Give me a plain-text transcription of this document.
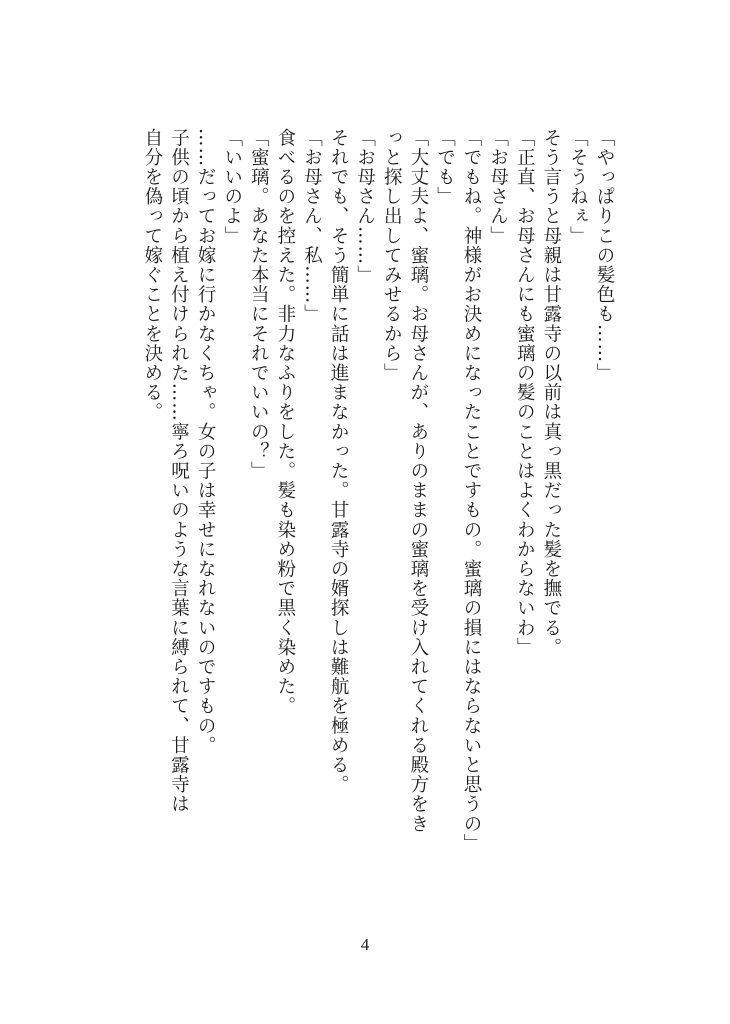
「やっぱりこの髪色も……」
「そうねぇ」
そう言うと母親は甘露寺の以前は真っ黒だった髪を撫でる。
「正直、お母さんにも蜜璃の髪のことはよくわからないわ」
「お母さん」
「でもね。神様がお決めになったことですもの。蜜璃の損にはならないと思うの」
「でも」
「大丈夫よ、蜜璃。お母さんが、ありのままの蜜璃を受け入れてくれる殿方をき
っと探し出してみせるから」
「お母さん……」
それでも、そう簡単に話は進まなかった。甘露寺の婿探しは難航を極める。
「お母さん、私……」
食べるのを控えた。非力なふりをした。髪も染め粉で黒く染めた。
「蜜璃。あなた本当にそれでいいの？」
「いいのよ」
……だってお嫁に行かなくちゃ。女の子は幸せになれないのですもの。
子供の頃から植え付けられた……寧ろ呪いのような言葉に縛られて、甘露寺は
自分を偽って嫁ぐことを決める。
4
